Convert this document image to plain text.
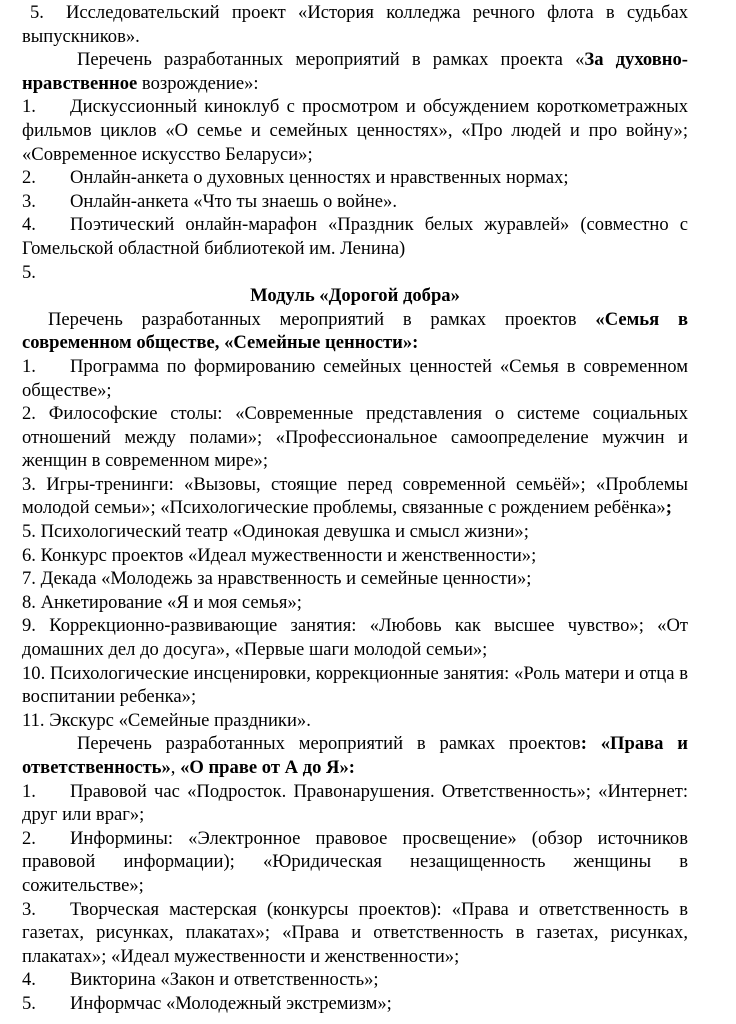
5. Исследовательский проект «История колледжа речного флота в судьбах выпускников».

Перечень разработанных мероприятий в рамках проекта «За духовно-нравственное возрождение»:

1. Дискуссионный киноклуб с просмотром и обсуждением короткометражных фильмов циклов «О семье и семейных ценностях», «Про людей и про войну»; «Современное искусство Беларуси»;

2. Онлайн-анкета о духовных ценностях и нравственных нормах;

3. Онлайн-анкета «Что ты знаешь о войне».

4. Поэтический онлайн-марафон «Праздник белых журавлей» (совместно с Гомельской областной библиотекой им. Ленина)

5.

Модуль «Дорогой добра»

Перечень разработанных мероприятий в рамках проектов «Семья в современном обществе, «Семейные ценности»:

1. Программа по формированию семейных ценностей «Семья в современном обществе»;

2. Философские столы: «Современные представления о системе социальных отношений между полами»; «Профессиональное самоопределение мужчин и женщин в современном мире»;

3. Игры-тренинги: «Вызовы, стоящие перед современной семьёй»; «Проблемы молодой семьи»; «Психологические проблемы, связанные с рождением ребёнка»;

5. Психологический театр «Одинокая девушка и смысл жизни»;

6. Конкурс проектов «Идеал мужественности и женственности»;

7. Декада «Молодежь за нравственность и семейные ценности»;

8. Анкетирование «Я и моя семья»;

9. Коррекционно-развивающие занятия: «Любовь как высшее чувство»; «От домашних дел до досуга», «Первые шаги молодой семьи»;

10. Психологические инсценировки, коррекционные занятия: «Роль матери и отца в воспитании ребенка»;

11. Экскурс «Семейные праздники».

Перечень разработанных мероприятий в рамках проектов: «Права и ответственность», «О праве от А до Я»:

1. Правовой час «Подросток. Правонарушения. Ответственность»; «Интернет: друг или враг»;

2. Информины: «Электронное правовое просвещение» (обзор источников правовой информации); «Юридическая незащищенность женщины в сожительстве»;

3. Творческая мастерская (конкурсы проектов): «Права и ответственность в газетах, рисунках, плакатах»; «Права и ответственность в газетах, рисунках, плакатах»; «Идеал мужественности и женственности»;

4. Викторина «Закон и ответственность»;

5. Информчас «Молодежный экстремизм»;
